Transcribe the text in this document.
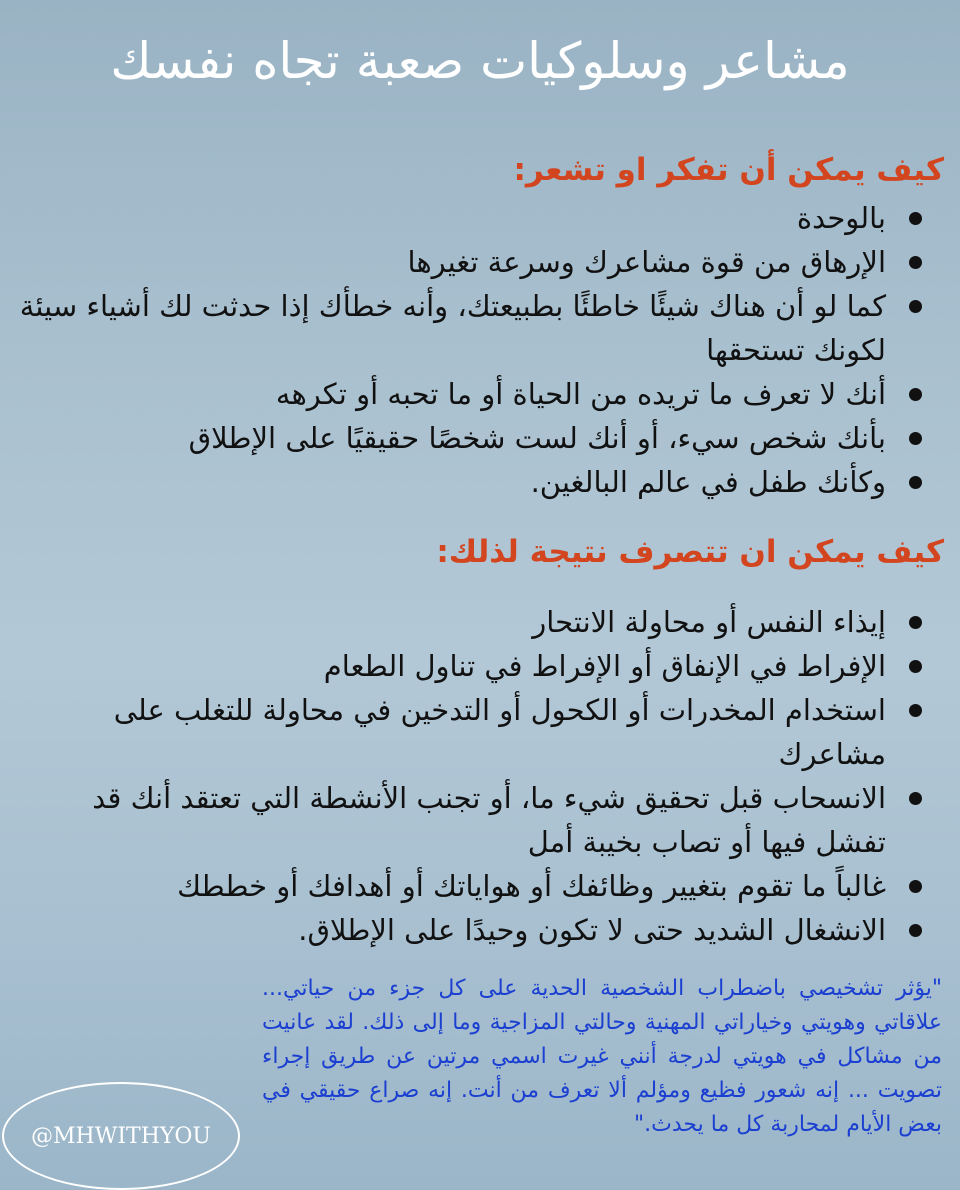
مشاعر وسلوكيات صعبة تجاه نفسك
كيف يمكن أن تفكر او تشعر:
بالوحدة
الإرهاق من قوة مشاعرك وسرعة تغيرها
كما لو أن هناك شيئًا خاطئًا بطبيعتك، وأنه خطأك إذا حدثت لك أشياء سيئة لكونك تستحقها
أنك لا تعرف ما تريده من الحياة أو ما تحبه أو تكرهه
بأنك شخص سيء، أو أنك لست شخصًا حقيقيًا على الإطلاق
وكأنك طفل في عالم البالغين.
كيف يمكن ان تتصرف نتيجة لذلك:
إيذاء النفس أو محاولة الانتحار
الإفراط في الإنفاق أو الإفراط في تناول الطعام
استخدام المخدرات أو الكحول أو التدخين في محاولة للتغلب على مشاعرك
الانسحاب قبل تحقيق شيء ما، أو تجنب الأنشطة التي تعتقد أنك قد تفشل فيها أو تصاب بخيبة أمل
غالباً ما تقوم بتغيير وظائفك أو هواياتك أو أهدافك أو خططك
الانشغال الشديد حتى لا تكون وحيدًا على الإطلاق.

"يؤثر تشخيصي باضطراب الشخصية الحدية على كل جزء من حياتي... علاقاتي وهويتي وخياراتي المهنية وحالتي المزاجية وما إلى ذلك. لقد عانيت من مشاكل في هويتي لدرجة أنني غيرت اسمي مرتين عن طريق إجراء تصويت ... إنه شعور فظيع ومؤلم ألا تعرف من أنت. إنه صراع حقيقي في بعض الأيام لمحاربة كل ما يحدث."

@MHWITHYOU
